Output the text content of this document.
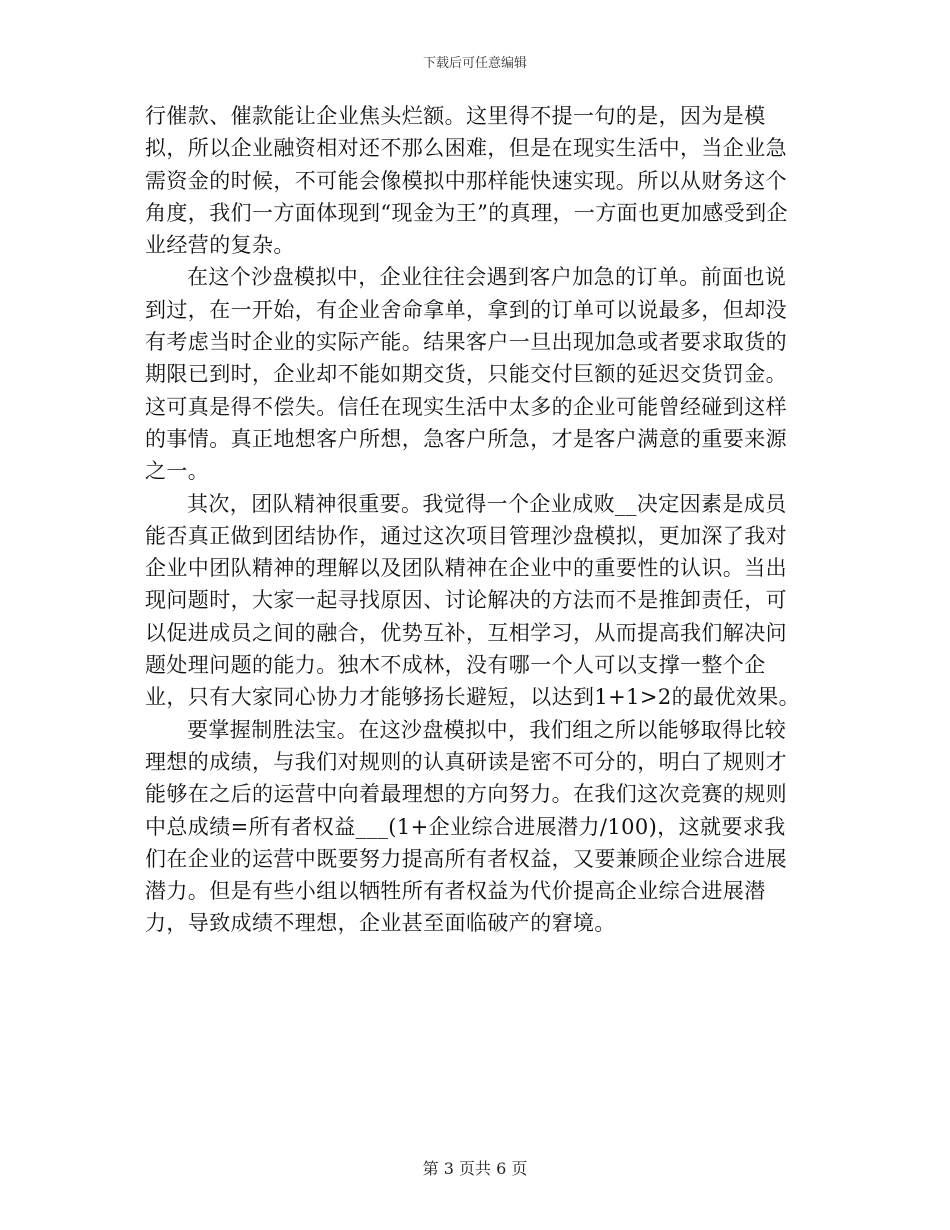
下载后可任意编辑

行催款、催款能让企业焦头烂额。这里得不提一句的是，因为是模拟，所以企业融资相对还不那么困难，但是在现实生活中，当企业急需资金的时候，不可能会像模拟中那样能快速实现。所以从财务这个角度，我们一方面体现到“现金为王”的真理，一方面也更加感受到企业经营的复杂。

在这个沙盘模拟中，企业往往会遇到客户加急的订单。前面也说到过，在一开始，有企业舍命拿单，拿到的订单可以说最多，但却没有考虑当时企业的实际产能。结果客户一旦出现加急或者要求取货的期限已到时，企业却不能如期交货，只能交付巨额的延迟交货罚金。这可真是得不偿失。信任在现实生活中太多的企业可能曾经碰到这样的事情。真正地想客户所想，急客户所急，才是客户满意的重要来源之一。

其次，团队精神很重要。我觉得一个企业成败__决定因素是成员能否真正做到团结协作，通过这次项目管理沙盘模拟，更加深了我对企业中团队精神的理解以及团队精神在企业中的重要性的认识。当出现问题时，大家一起寻找原因、讨论解决的方法而不是推卸责任，可以促进成员之间的融合，优势互补，互相学习，从而提高我们解决问题处理问题的能力。独木不成林，没有哪一个人可以支撑一整个企业，只有大家同心协力才能够扬长避短，以达到1+1>2的最优效果。

要掌握制胜法宝。在这沙盘模拟中，我们组之所以能够取得比较理想的成绩，与我们对规则的认真研读是密不可分的，明白了规则才能够在之后的运营中向着最理想的方向努力。在我们这次竞赛的规则中总成绩=所有者权益___(1+企业综合进展潜力/100)，这就要求我们在企业的运营中既要努力提高所有者权益，又要兼顾企业综合进展潜力。但是有些小组以牺牲所有者权益为代价提高企业综合进展潜力，导致成绩不理想，企业甚至面临破产的窘境。

第 3 页共 6 页
